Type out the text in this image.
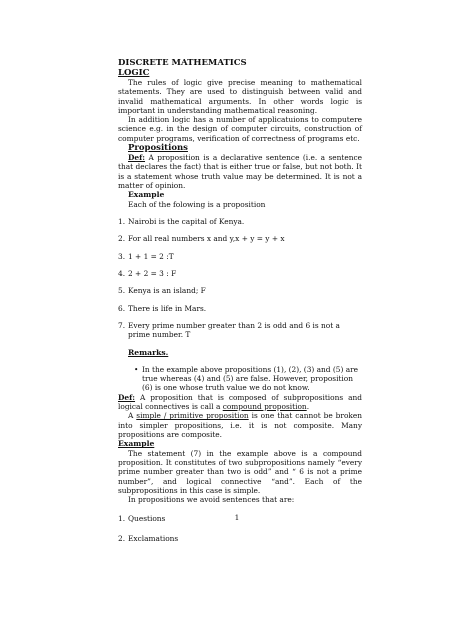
DISCRETE MATHEMATICS
LOGIC

The rules of logic give precise meaning to mathematical statements. They are used to distinguish between valid and invalid mathematical arguments. In other words logic is important in understanding mathematical reasoning.

In addition logic has a number of applicatuions to computere science e.g. in the design of computer circuits, construction of computer programs, verification of correctness of programs etc.

Propositions

Def: A proposition is a declarative sentence (i.e. a sentence that declares the fact) that is either true or false, but not both. It is a statement whose truth value may be determined. It is not a matter of opinion.

Example

Each of the folowing is a proposition

1. Nairobi is the capital of Kenya.
2. For all real numbers x and y,x + y = y + x
3. 1 + 1 = 2 :T
4. 2 + 2 = 3 : F
5. Kenya is an island; F
6. There is life in Mars.
7. Every prime number greater than 2 is odd and 6 is not a prime number. T
Remarks.
• In the example above propositions (1), (2), (3) and (5) are true whereas (4) and (5) are false. However, proposition (6) is one whose truth value we do not know.

Def: A proposition that is composed of subpropositions and logical connectives is call a compound proposition.

A simple / primitive proposition is one that cannot be broken into simpler propositions, i.e. it is not composite. Many propositions are composite.

Example

The statement (7) in the example above is a compound proposition. It constitutes of two subpropositions namely “every prime number greater than two is odd” and “ 6 is not a prime number”, and logical connective “and”. Each of the subpropositions in this case is simple.

In propositions we avoid sentences that are:

1. Questions
2. Exclamations
1
